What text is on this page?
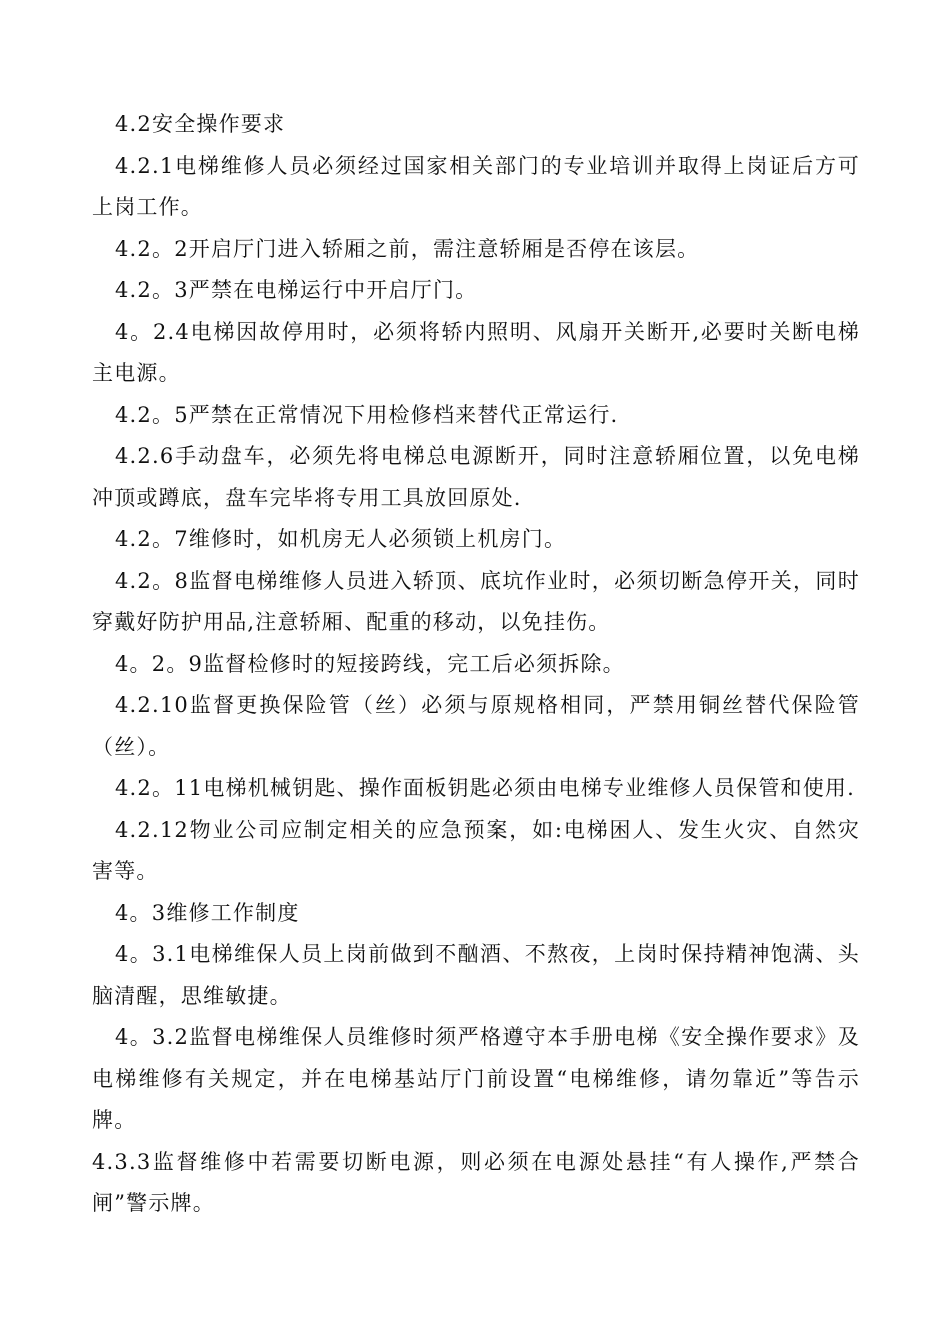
4.2安全操作要求

4.2.1电梯维修人员必须经过国家相关部门的专业培训并取得上岗证后方可上岗工作。

4.2。2开启厅门进入轿厢之前，需注意轿厢是否停在该层。

4.2。3严禁在电梯运行中开启厅门。

4。2.4电梯因故停用时，必须将轿内照明、风扇开关断开,必要时关断电梯主电源。

4.2。5严禁在正常情况下用检修档来替代正常运行.

4.2.6手动盘车，必须先将电梯总电源断开，同时注意轿厢位置，以免电梯冲顶或蹲底，盘车完毕将专用工具放回原处.

4.2。7维修时，如机房无人必须锁上机房门。

4.2。8监督电梯维修人员进入轿顶、底坑作业时，必须切断急停开关，同时穿戴好防护用品,注意轿厢、配重的移动，以免挂伤。

4。2。9监督检修时的短接跨线，完工后必须拆除。

4.2.10监督更换保险管（丝）必须与原规格相同，严禁用铜丝替代保险管（丝）。

4.2。11电梯机械钥匙、操作面板钥匙必须由电梯专业维修人员保管和使用.

4.2.12物业公司应制定相关的应急预案，如:电梯困人、发生火灾、自然灾害等。

4。3维修工作制度

4。3.1电梯维保人员上岗前做到不酗酒、不熬夜，上岗时保持精神饱满、头脑清醒，思维敏捷。

4。3.2监督电梯维保人员维修时须严格遵守本手册电梯《安全操作要求》及电梯维修有关规定，并在电梯基站厅门前设置“电梯维修，请勿靠近”等告示牌。

4.3.3监督维修中若需要切断电源，则必须在电源处悬挂“有人操作,严禁合闸”警示牌。
